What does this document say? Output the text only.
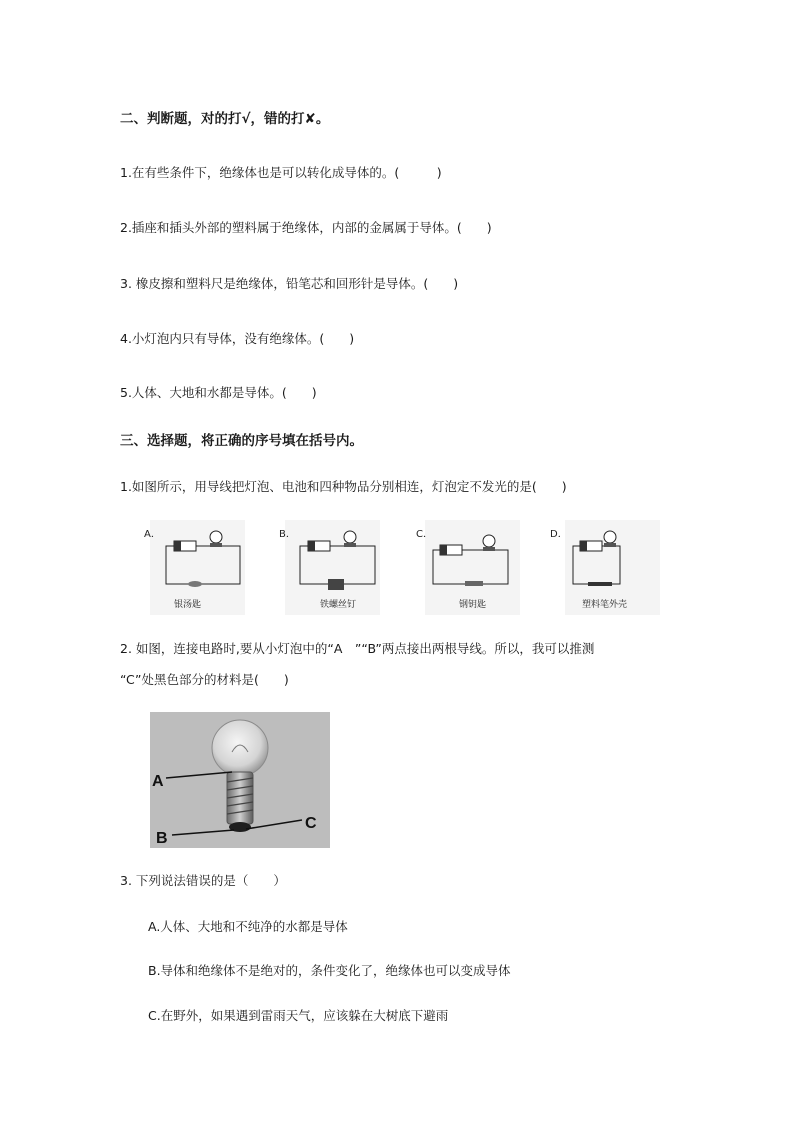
二、判断题，对的打√，错的打✘。
1.在有些条件下，绝缘体也是可以转化成导体的。(　　　)
2.插座和插头外部的塑料属于绝缘体，内部的金属属于导体。(　　)
3. 橡皮擦和塑料尺是绝缘体，铅笔芯和回形针是导体。(　　)
4.小灯泡内只有导体，没有绝缘体。(　　)
5.人体、大地和水都是导体。(　　)
三、选择题，将正确的序号填在括号内。
1.如图所示，用导线把灯泡、电池和四种物品分别相连，灯泡定不发光的是(　　)
A．
银汤匙
B．
铁螺丝钉
C．
钢钥匙
D．
塑料笔外壳
2. 如图，连接电路时,要从小灯泡中的“A　”“B”两点接出两根导线。所以，我可以推测
“C”处黑色部分的材料是(　　)
A
B
C
3. 下列说法错误的是（　　）
A.人体、大地和不纯净的水都是导体
B.导体和绝缘体不是绝对的，条件变化了，绝缘体也可以变成导体
C.在野外，如果遇到雷雨天气，应该躲在大树底下避雨
